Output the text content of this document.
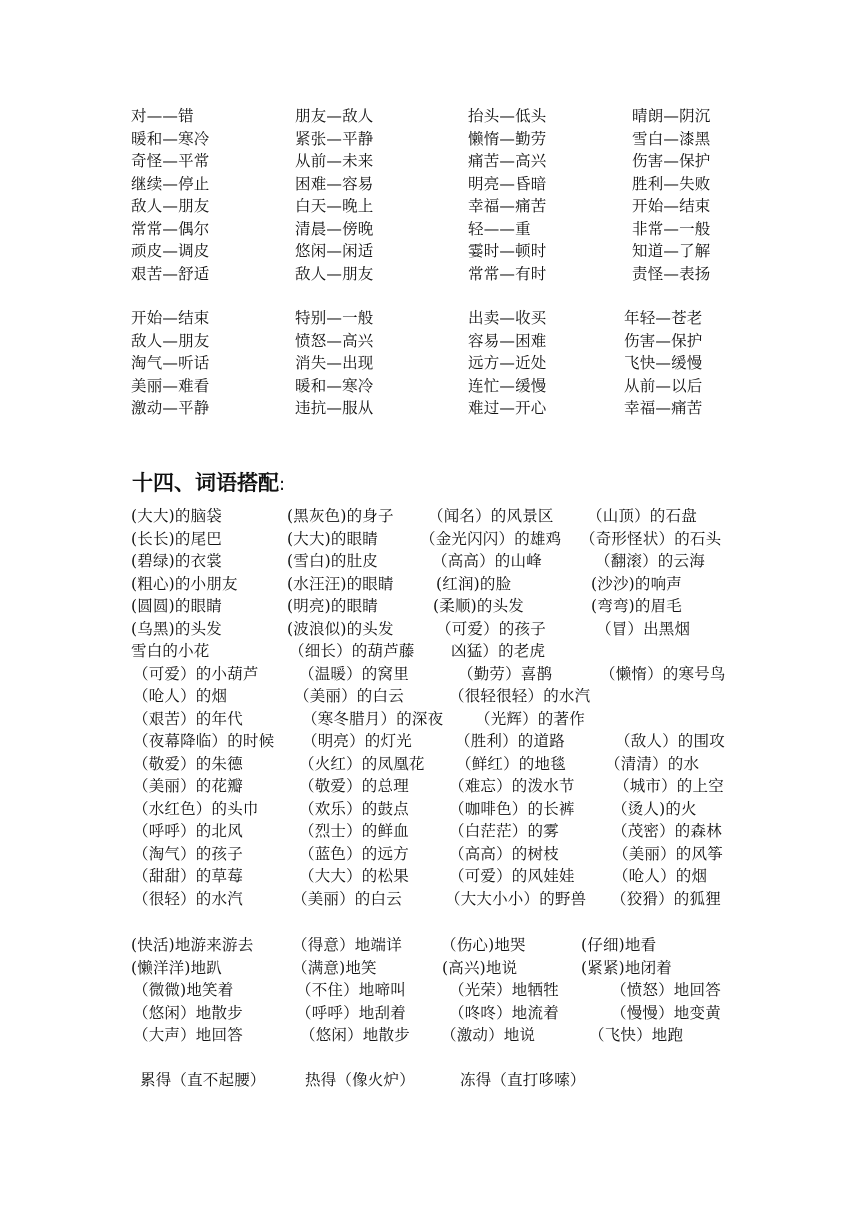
对——错	朋友—敌人	抬头—低头	晴朗—阴沉
暖和—寒冷	紧张—平静	懒惰—勤劳	雪白—漆黑
奇怪—平常	从前—未来	痛苦—高兴	伤害—保护
继续—停止	困难—容易	明亮—昏暗	胜利—失败
敌人—朋友	白天—晚上	幸福—痛苦	开始—结束
常常—偶尔	清晨—傍晚	轻——重	非常—一般
顽皮—调皮	悠闲—闲适	霎时—顿时	知道—了解
艰苦—舒适	敌人—朋友	常常—有时	责怪—表扬
开始—结束	特别—一般	出卖—收买	年轻—苍老
敌人—朋友	愤怒—高兴	容易—困难	伤害—保护
淘气—听话	消失—出现	远方—近处	飞快—缓慢
美丽—难看	暖和—寒冷	连忙—缓慢	从前—以后
激动—平静	违抗—服从	难过—开心	幸福—痛苦
十四、词语搭配:
(大大)的脑袋	(黑灰色)的身子 （闻名）的风景区 （山顶）的石盘
(长长)的尾巴	(大大)的眼睛	（金光闪闪）的雄鸡 （奇形怪状）的石头
(碧绿)的衣裳	(雪白)的肚皮	（高高）的山峰	（翻滚）的云海
(粗心)的小朋友	(水汪汪)的眼睛	(红润)的脸	(沙沙)的响声
(圆圆)的眼睛	(明亮)的眼睛	(柔顺)的头发	(弯弯)的眉毛
(乌黑)的头发	(波浪似)的头发	（可爱）的孩子	（冒）出黑烟
雪白的小花	（细长）的葫芦藤 凶猛）的老虎
（可爱）的小葫芦	（温暖）的窝里	（勤劳）喜鹊	（懒惰）的寒号鸟
（呛人）的烟	（美丽）的白云	（很轻很轻）的水汽
（艰苦）的年代	（寒冬腊月）的深夜 （光辉）的著作
（夜幕降临）的时候 （明亮）的灯光	（胜利）的道路	（敌人）的围攻
（敬爱）的朱德	（火红）的凤凰花 （鲜红）的地毯	（清清）的水
（美丽）的花瓣	（敬爱）的总理	（难忘）的泼水节	（城市）的上空
（水红色）的头巾	（欢乐）的鼓点	（咖啡色）的长裤 （烫人)的火
（呼呼）的北风	（烈士）的鲜血	（白茫茫）的雾	（茂密）的森林
（淘气）的孩子	（蓝色）的远方	（高高）的树枝	（美丽）的风筝
（甜甜）的草莓	（大大）的松果	（可爱）的风娃娃 （呛人）的烟
（很轻）的水汽	（美丽）的白云	（大大小小）的野兽 （狡猾）的狐狸
(快活)地游来游去 （得意）地端详	（伤心)地哭	(仔细)地看
(懒洋洋)地趴	（满意)地笑	(高兴)地说	(紧紧)地闭着
（微微)地笑着	（不住）地啼叫	（光荣）地牺牲	（愤怒）地回答
（悠闲）地散步	（呼呼）地刮着	（咚咚）地流着	（慢慢）地变黄
（大声）地回答	（悠闲）地散步 （激动）地说	（飞快）地跑
累得（直不起腰）	热得（像火炉）	冻得（直打哆嗦）
